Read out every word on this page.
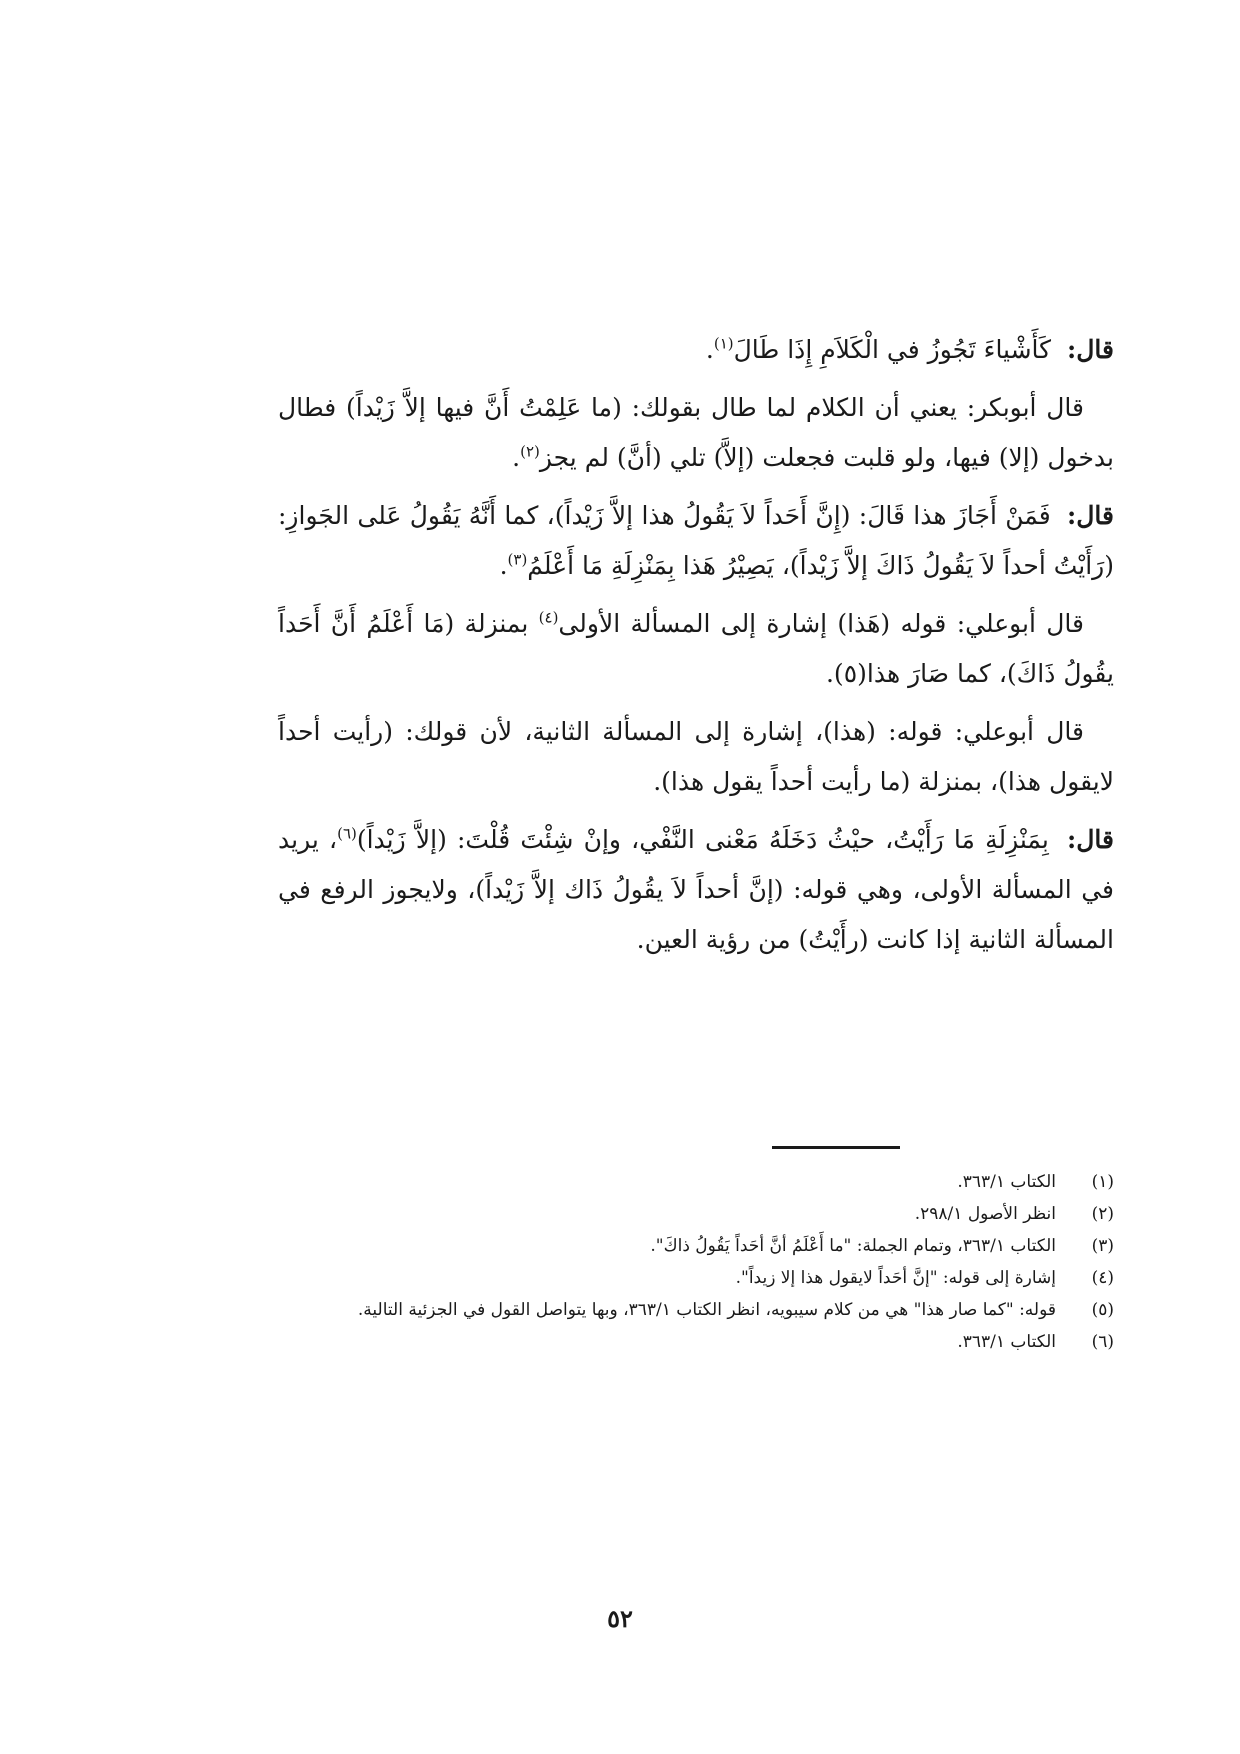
قال: كَأَشْياءَ تَجُوزُ في الْكَلاَمِ إِذَا طَالَ$^{(١)}$.

قال أبوبكر: يعني أن الكلام لما طال بقولك: (ما عَلِمْتُ أَنَّ فيها إلاَّ زَيْداً) فطال بدخول (إلا) فيها، ولو قلبت فجعلت (إلاَّ) تلي (أنَّ) لم يجز$^{(٢)}$.

قال: فَمَنْ أَجَازَ هذا قَالَ: (إِنَّ أَحَداً لاَ يَقُولُ هذا إلاَّ زَيْداً)، كما أَنَّهُ يَقُولُ عَلى الجَوازِ: (رَأَيْتُ أحداً لاَ يَقُولُ ذَاكَ إلاَّ زَيْداً)، يَصِيْرُ هَذا بِمَنْزِلَةِ مَا أَعْلَمُ$^{(٣)}$.

قال أبوعلي: قوله (هَذا) إشارة إلى المسألة الأولى$^{(٤)}$ بمنزلة (مَا أَعْلَمُ أَنَّ أَحَداً يقُولُ ذَاكَ)، كما صَارَ هذا(٥).

قال أبوعلي: قوله: (هذا)، إشارة إلى المسألة الثانية، لأن قولك: (رأيت أحداً لايقول هذا)، بمنزلة (ما رأيت أحداً يقول هذا).

قال: بِمَنْزِلَةِ مَا رَأَيْتُ، حيْثُ دَخَلَهُ مَعْنى النَّفْي، وإنْ شِئْتَ قُلْتَ: (إلاَّ زَيْداً)$^{(٦)}$، يريد في المسألة الأولى، وهي قوله: (إنَّ أحداً لاَ يقُولُ ذَاك إلاَّ زَيْداً)، ولايجوز الرفع في المسألة الثانية إذا كانت (رأَيْتُ) من رؤية العين.

(١)
الكتاب ٣٦٣/١.
(٢)
انظر الأصول ٢٩٨/١.
(٣)
الكتاب ٣٦٣/١، وتمام الجملة: "ما أَعْلَمُ أنَّ أحَداً يَقُولُ ذاكَ".
(٤)
إشارة إلى قوله: "إنَّ أحَداً لايقول هذا إلا زيداً".
(٥)
قوله: "كما صار هذا" هي من كلام سيبويه، انظر الكتاب ٣٦٣/١، وبها يتواصل القول في الجزئية التالية.
(٦)
الكتاب ٣٦٣/١.
٥٢
